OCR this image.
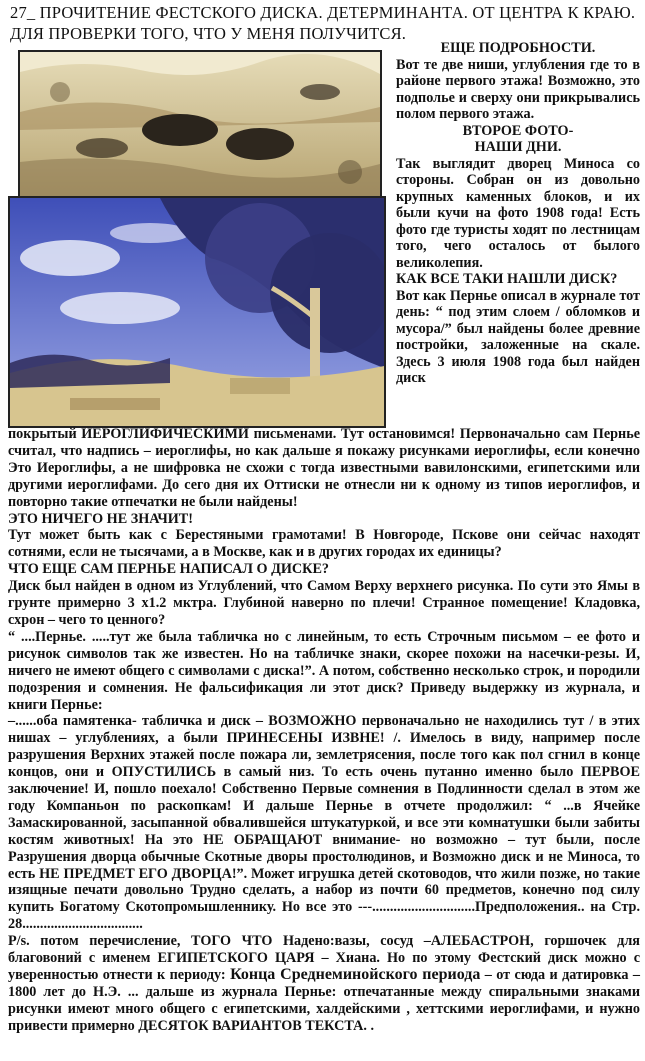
27_ ПРОЧИТЕНИЕ ФЕСТСКОГО ДИСКА. ДЕТЕРМИНАНТА. ОТ ЦЕНТРА К КРАЮ. ДЛЯ ПРОВЕРКИ ТОГО, ЧТО У МЕНЯ ПОЛУЧИТСЯ.

ЕЩЕ ПОДРОБНОСТИ.

Вот те две ниши, углубления где то в районе первого этажа! Возможно, это подполье и сверху они прикрывались полом первого этажа.

ВТОРОЕ ФОТО-

НАШИ ДНИ.

Так выглядит дворец Миноса со стороны. Собран он из довольно крупных каменных блоков, и их были кучи на фото 1908 года! Есть фото где туристы ходят по лестницам того, чего осталось от былого великолепия.

КАК ВСЕ ТАКИ НАШЛИ ДИСК?

Вот как Пернье описал в журнале тот день: “ под этим слоем / обломков и мусора/” был найдены более древние постройки, заложенные на скале. Здесь 3 июля 1908 года был найден диск

покрытый ИЕРОГЛИФИЧЕСКИМИ письменами. Тут остановимся! Первоначально сам Пернье считал, что надпись – иероглифы, но как дальше я покажу рисунками иероглифы, если конечно Это Иероглифы, а не шифровка не схожи с тогда известными вавилонскими, египетскими или другими иероглифами. До сего дня их Оттиски не отнесли ни к одному из типов иероглифов, и повторно такие отпечатки не были найдены!

ЭТО НИЧЕГО НЕ ЗНАЧИТ!

Тут может быть как с Берестяными грамотами! В Новгороде, Пскове они сейчас находят сотнями, если не тысячами, а в Москве, как и в других городах их единицы?

ЧТО ЕЩЕ САМ ПЕРНЬЕ НАПИСАЛ О ДИСКЕ?

Диск был найден в одном из Углублений, что Самом Верху верхнего рисунка. По сути это Ямы в грунте примерно 3 х1.2 мктра. Глубиной наверно по плечи! Странное помещение! Кладовка, схрон – чего то ценного?

“ ....Пернье. .....тут же была табличка но с линейным, то есть Строчным письмом – ее фото и рисунок символов так же известен. Но на табличке знаки, скорее похожи на насечки-резы. И, ничего не имеют общего с символами с диска!”. А потом, собственно несколько строк, и породили подозрения и сомнения. Не фальсификация ли этот диск? Приведу выдержку из журнала, и книги Пернье:

–......оба памятенка- табличка и диск – ВОЗМОЖНО первоначально не находились тут / в этих нишах – углублениях, а были ПРИНЕСЕНЫ ИЗВНЕ! /. Имелось в виду, например после разрушения Верхних этажей после пожара ли, землетрясения, после того как пол сгнил в конце концов, они и ОПУСТИЛИСЬ в самый низ. То есть очень путанно именно было ПЕРВОЕ заключение! И, пошло поехало! Собственно Первые сомнения в Подлинности сделал в этом же году Компаньон по раскопкам! И дальше Пернье в отчете продолжил: “ ...в Ячейке Замаскированной, засыпанной обвалившейся штукатуркой, и все эти комнатушки были забиты костям животных! На это НЕ ОБРАЩАЮТ внимание- но возможно – тут были, после Разрушения дворца обычные Скотные дворы простолюдинов, и Возможно диск и не Миноса, то есть НЕ ПРЕДМЕТ ЕГО ДВОРЦА!”. Может игрушка детей скотоводов, что жили позже, но такие изящные печати довольно Трудно сделать, а набор из почти 60 предметов, конечно под силу купить Богатому Скотопромышленнику. Но все это ---.............................Предположения.. на Стр. 28..................................

P/s. потом перечисление, ТОГО ЧТО Надено:вазы, сосуд –АЛЕБАСТРОН, горшочек для благовоний с именем ЕГИПЕТСКОГО ЦАРЯ – Хиана. Но по этому Фестский диск можно с уверенностью отнести к периоду: Конца Среднеминойского периода – от сюда и датировка – 1800 лет до Н.Э. ... дальше из журнала Пернье: отпечатанные между спиральными знаками рисунки имеют много общего с египетскими, халдейскими , хеттскими иероглифами, и нужно привести примерно ДЕСЯТОК ВАРИАНТОВ ТЕКСТА. .
